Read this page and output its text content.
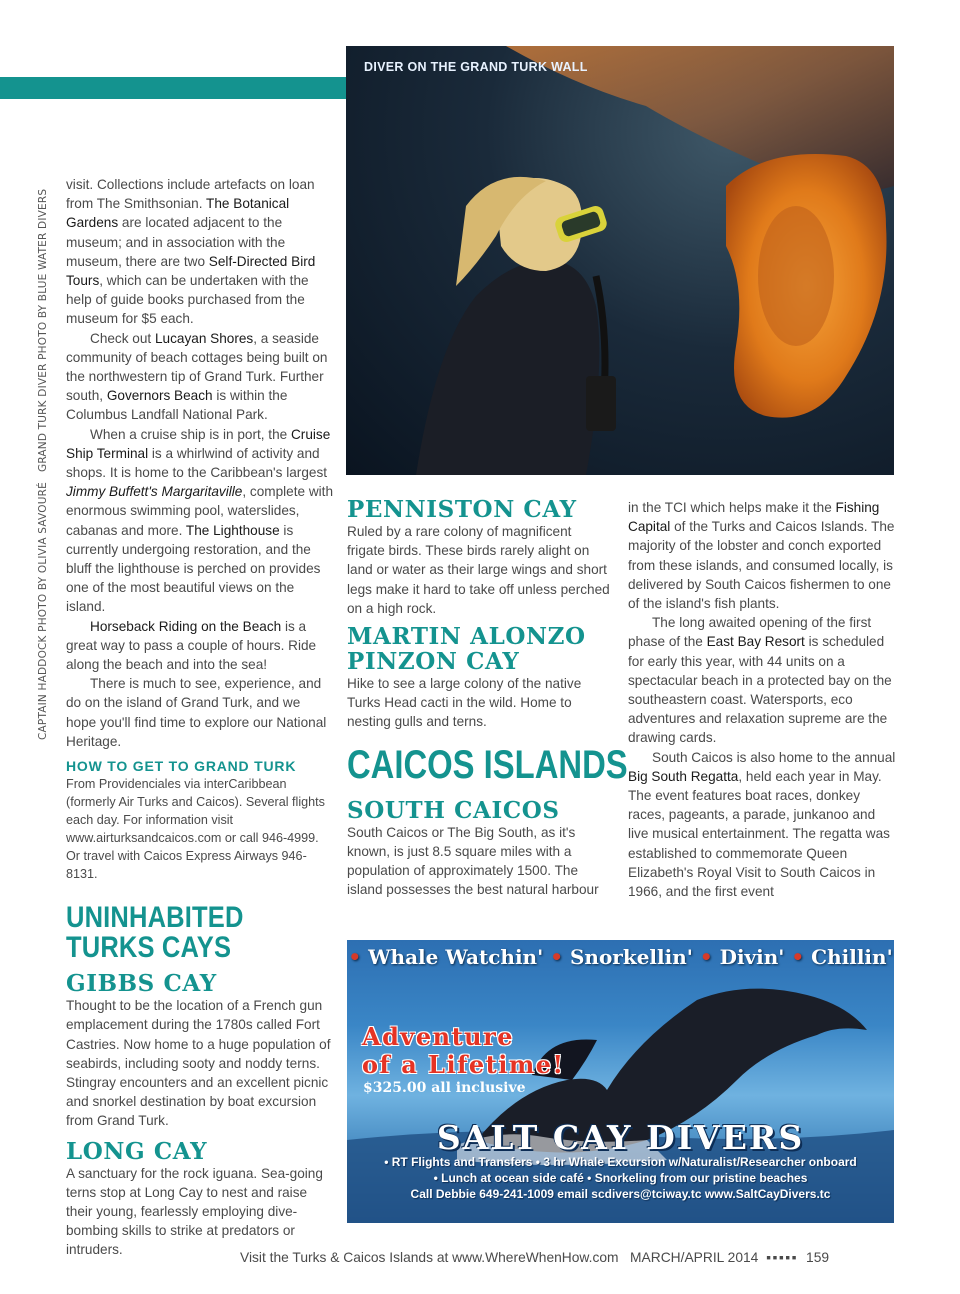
GRAND TURK DIVER PHOTO BY BLUE WATER DIVERS
CAPTAIN HADDOCK PHOTO BY OLIVIA SAVOURÉ
DIVER ON THE GRAND TURK WALL

visit. Collections include artefacts on loan from The Smithsonian. The Botanical Gardens are located adjacent to the museum; and in association with the museum, there are two Self-Directed Bird Tours, which can be undertaken with the help of guide books purchased from the museum for $5 each.

Check out Lucayan Shores, a seaside community of beach cottages being built on the northwestern tip of Grand Turk. Further south, Governors Beach is within the Columbus Landfall National Park.

When a cruise ship is in port, the Cruise Ship Terminal is a whirlwind of activity and shops. It is home to the Caribbean's largest Jimmy Buffett's Margaritaville, complete with enormous swimming pool, waterslides, cabanas and more. The Lighthouse is currently undergoing restoration, and the bluff the lighthouse is perched on provides one of the most beautiful views on the island.

Horseback Riding on the Beach is a great way to pass a couple of hours. Ride along the beach and into the sea!

There is much to see, experience, and do on the island of Grand Turk, and we hope you'll find time to explore our National Heritage.

HOW TO GET TO GRAND TURK

From Providenciales via interCaribbean (formerly Air Turks and Caicos). Several flights each day. For information visit www.airturksandcaicos.com or call 946-4999. Or travel with Caicos Express Airways 946-8131.

UNINHABITED
TURKS CAYS
GIBBS CAY

Thought to be the location of a French gun emplacement during the 1780s called Fort Castries. Now home to a huge population of seabirds, including sooty and noddy terns. Stingray encounters and an excellent picnic and snorkel destination by boat excursion from Grand Turk.

LONG CAY

A sanctuary for the rock iguana. Sea-going terns stop at Long Cay to nest and raise their young, fearlessly employing dive-bombing skills to strike at predators or intruders.

PENNISTON CAY

Ruled by a rare colony of magnificent frigate birds. These birds rarely alight on land or water as their large wings and short legs make it hard to take off unless perched on a high rock.

MARTIN ALONZO
PINZON CAY

Hike to see a large colony of the native Turks Head cacti in the wild. Home to nesting gulls and terns.

CAICOS ISLANDS
SOUTH CAICOS

South Caicos or The Big South, as it's known, is just 8.5 square miles with a population of approximately 1500. The island possesses the best natural harbour

in the TCI which helps make it the Fishing Capital of the Turks and Caicos Islands. The majority of the lobster and conch exported from these islands, and consumed locally, is delivered by South Caicos fishermen to one of the island's fish plants.

The long awaited opening of the first phase of the East Bay Resort is scheduled for early this year, with 44 units on a spectacular beach in a protected bay on the southeastern coast. Watersports, eco adventures and relaxation supreme are the drawing cards.

South Caicos is also home to the annual Big South Regatta, held each year in May. The event features boat races, donkey races, pageants, a parade, junkanoo and live musical entertainment. The regatta was established to commemorate Queen Elizabeth's Royal Visit to South Caicos in 1966, and the first event

• Whale Watchin' • Snorkellin' • Divin' • Chillin'
Adventure
of a Lifetime!
$325.00 all inclusive
SALT CAY DIVERS
• RT Flights and Transfers • 3 hr Whale Excursion w/Naturalist/Researcher onboard
• Lunch at ocean side café • Snorkeling from our pristine beaches
Call Debbie 649-241-1009 email scdivers@tciway.tc www.SaltCayDivers.tc
Visit the Turks & Caicos Islands at www.WhereWhenHow.com MARCH/APRIL 2014 ▪▪▪▪▪ 159
